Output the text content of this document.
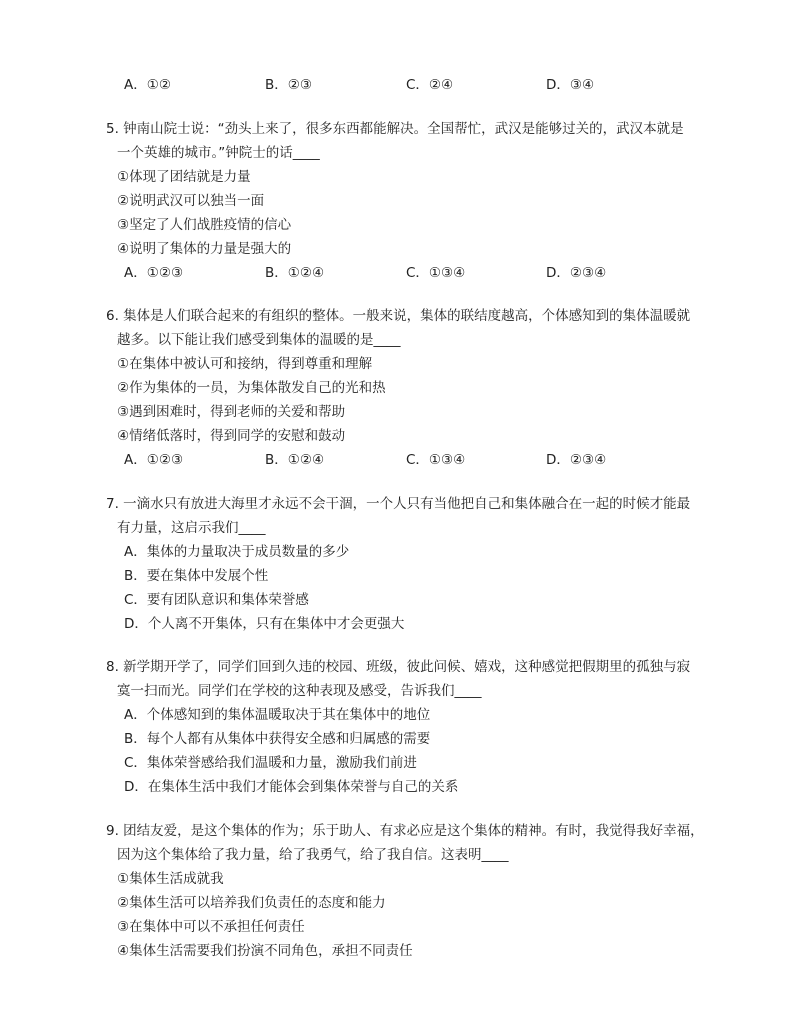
A．①②	B．②③	C．②④	D．③④
5. 钟南山院士说：“劲头上来了，很多东西都能解决。全国帮忙，武汉是能够过关的，武汉本就是
一个英雄的城市。”钟院士的话____
①体现了团结就是力量
②说明武汉可以独当一面
③坚定了人们战胜疫情的信心
④说明了集体的力量是强大的
A．①②③	B．①②④	C．①③④	D．②③④
6. 集体是人们联合起来的有组织的整体。一般来说，集体的联结度越高，个体感知到的集体温暖就
越多。以下能让我们感受到集体的温暖的是____
①在集体中被认可和接纳，得到尊重和理解
②作为集体的一员，为集体散发自己的光和热
③遇到困难时，得到老师的关爱和帮助
④情绪低落时，得到同学的安慰和鼓动
A．①②③	B．①②④	C．①③④	D．②③④
7. 一滴水只有放进大海里才永远不会干涸，一个人只有当他把自己和集体融合在一起的时候才能最
有力量，这启示我们____
A．集体的力量取决于成员数量的多少
B．要在集体中发展个性
C．要有团队意识和集体荣誉感
D．个人离不开集体，只有在集体中才会更强大
8. 新学期开学了，同学们回到久违的校园、班级，彼此问候、嬉戏，这种感觉把假期里的孤独与寂
寞一扫而光。同学们在学校的这种表现及感受，告诉我们____
A．个体感知到的集体温暖取决于其在集体中的地位
B．每个人都有从集体中获得安全感和归属感的需要
C．集体荣誉感给我们温暖和力量，激励我们前进
D．在集体生活中我们才能体会到集体荣誉与自己的关系
9. 团结友爱，是这个集体的作为；乐于助人、有求必应是这个集体的精神。有时，我觉得我好幸福，
因为这个集体给了我力量，给了我勇气，给了我自信。这表明____
①集体生活成就我
②集体生活可以培养我们负责任的态度和能力
③在集体中可以不承担任何责任
④集体生活需要我们扮演不同角色，承担不同责任
